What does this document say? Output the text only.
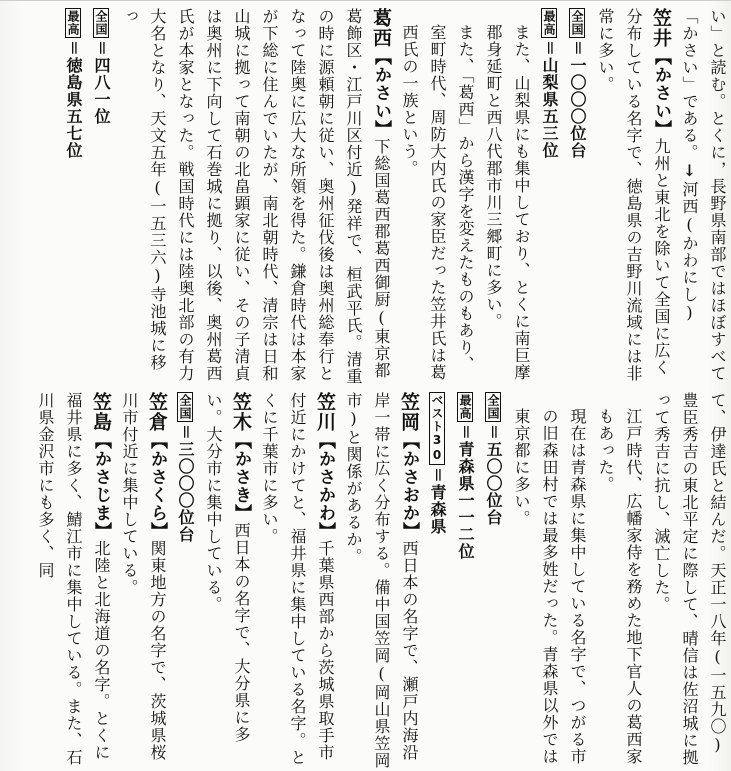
い」と読む。とくに，長野県南部ではほぼすべて「かさい」である。↓河西(かわにし)

笠井【かさい】九州と東北を除いて全国に広く分布している名字で、徳島県の吉野川流域には非常に多い。

全国＝一〇〇〇位台

最高＝山梨県五三位

また、山梨県にも集中しており、とくに南巨摩郡身延町と西八代郡市川三郷町に多い。

また、「葛西」から漢字を変えたものもあり、室町時代、周防大内氏の家臣だった笠井氏は葛西氏の一族という。

葛西【かさい】下総国葛西郡葛西御厨(東京都葛飾区・江戸川区付近)発祥で、桓武平氏。清重の時に源頼朝に従い、奥州征伐後は奥州総奉行となって陸奥に広大な所領を得た。鎌倉時代は本家が下総に住んでいたが、南北朝時代、清宗は日和山城に拠って南朝の北畠顕家に従い、その子清貞は奥州に下向して石巻城に拠り、以後、奥州葛西氏が本家となった。戦国時代には陸奥北部の有力大名となり、天文五年(一五三六)寺池城に移っ

全国＝四八一位

最高＝徳島県五七位

て、伊達氏と結んだ。天正一八年(一五九〇)豊臣秀吉の東北平定に際して、晴信は佐沼城に拠って秀吉に抗し、滅亡した。

江戸時代、広幡家侍を務めた地下官人の葛西家もあった。

現在は青森県に集中している名字で、つがる市の旧森田村では最多姓だった。青森県以外では東京都に多い。

全国＝五〇〇位台

最高＝青森県一一二位

ベスト30＝青森県

笠岡【かさおか】西日本の名字で、瀬戸内海沿岸一帯に広く分布する。備中国笠岡(岡山県笠岡市)と関係があるか。

笠川【かさかわ】千葉県西部から茨城県取手市付近にかけてと、福井県に集中している名字。とくに千葉市に多い。

笠木【かさき】西日本の名字で、大分県に多い。大分市に集中している。

全国＝三〇〇〇位台

笠倉【かさくら】関東地方の名字で、茨城県桜川市付近に集中している。

笠島【かさじま】北陸と北海道の名字。とくに福井県に多く、鯖江市に集中している。また、石川県金沢市にも多く、同
